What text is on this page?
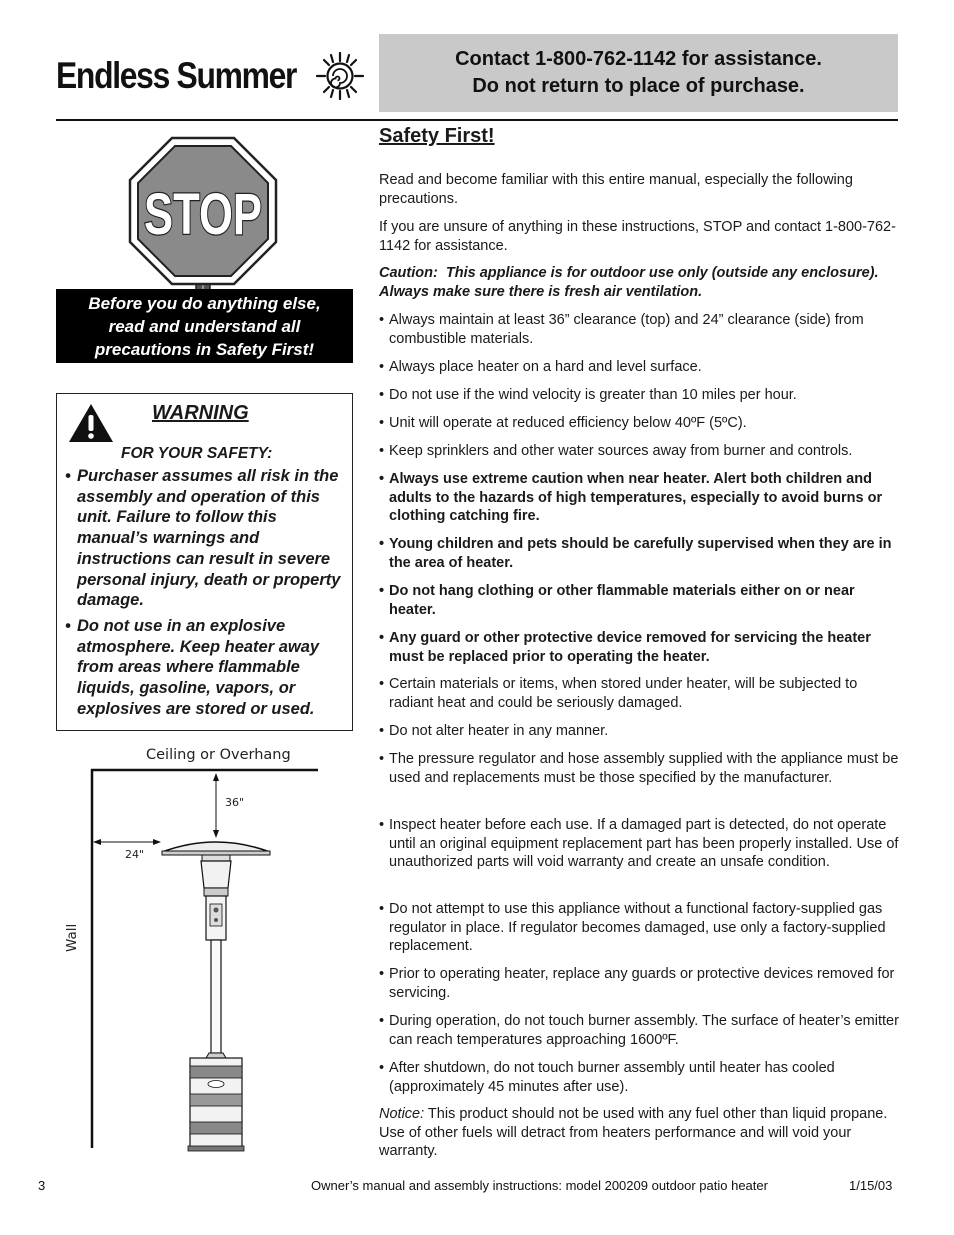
Endless Summer	Contact 1-800-762-1142 for assistance.
Do not return to place of purchase.
STOP
Before you do anything else,
read and understand all
precautions in Safety First!
WARNING
FOR YOUR SAFETY:
• Purchaser assumes all risk in the assembly and operation of this unit. Failure to follow this manual’s warnings and instructions can result in severe personal injury, death or property damage.
• Do not use in an explosive atmosphere. Keep heater away from areas where flammable liquids, gasoline, vapors, or explosives are stored or used.
Ceiling or Overhang
Wall
36"
24"
Safety First!
Read and become familiar with this entire manual, especially the following precautions.
If you are unsure of anything in these instructions, STOP and contact 1-800-762-1142 for assistance.
Caution: This appliance is for outdoor use only (outside any enclosure). Always make sure there is fresh air ventilation.
• Always maintain at least 36” clearance (top) and 24” clearance (side) from combustible materials.
• Always place heater on a hard and level surface.
• Do not use if the wind velocity is greater than 10 miles per hour.
• Unit will operate at reduced efficiency below 40ºF (5ºC).
• Keep sprinklers and other water sources away from burner and controls.
• Always use extreme caution when near heater. Alert both children and adults to the hazards of high temperatures, especially to avoid burns or clothing catching fire.
• Young children and pets should be carefully supervised when they are in the area of heater.
• Do not hang clothing or other flammable materials either on or near heater.
• Any guard or other protective device removed for servicing the heater must be replaced prior to operating the heater.
• Certain materials or items, when stored under heater, will be subjected to radiant heat and could be seriously damaged.
• Do not alter heater in any manner.
• The pressure regulator and hose assembly supplied with the appliance must be used and replacements must be those specified by the manufacturer.
• Inspect heater before each use. If a damaged part is detected, do not operate until an original equipment replacement part has been properly installed. Use of unauthorized parts will void warranty and create an unsafe condition.
• Do not attempt to use this appliance without a functional factory-supplied gas regulator in place. If regulator becomes damaged, use only a factory-supplied replacement.
• Prior to operating heater, replace any guards or protective devices removed for servicing.
• During operation, do not touch burner assembly. The surface of heater’s emitter can reach temperatures approaching 1600ºF.
• After shutdown, do not touch burner assembly until heater has cooled (approximately 45 minutes after use).
Notice: This product should not be used with any fuel other than liquid propane. Use of other fuels will detract from heaters performance and will void your warranty.
3	Owner’s manual and assembly instructions: model 200209 outdoor patio heater	1/15/03
